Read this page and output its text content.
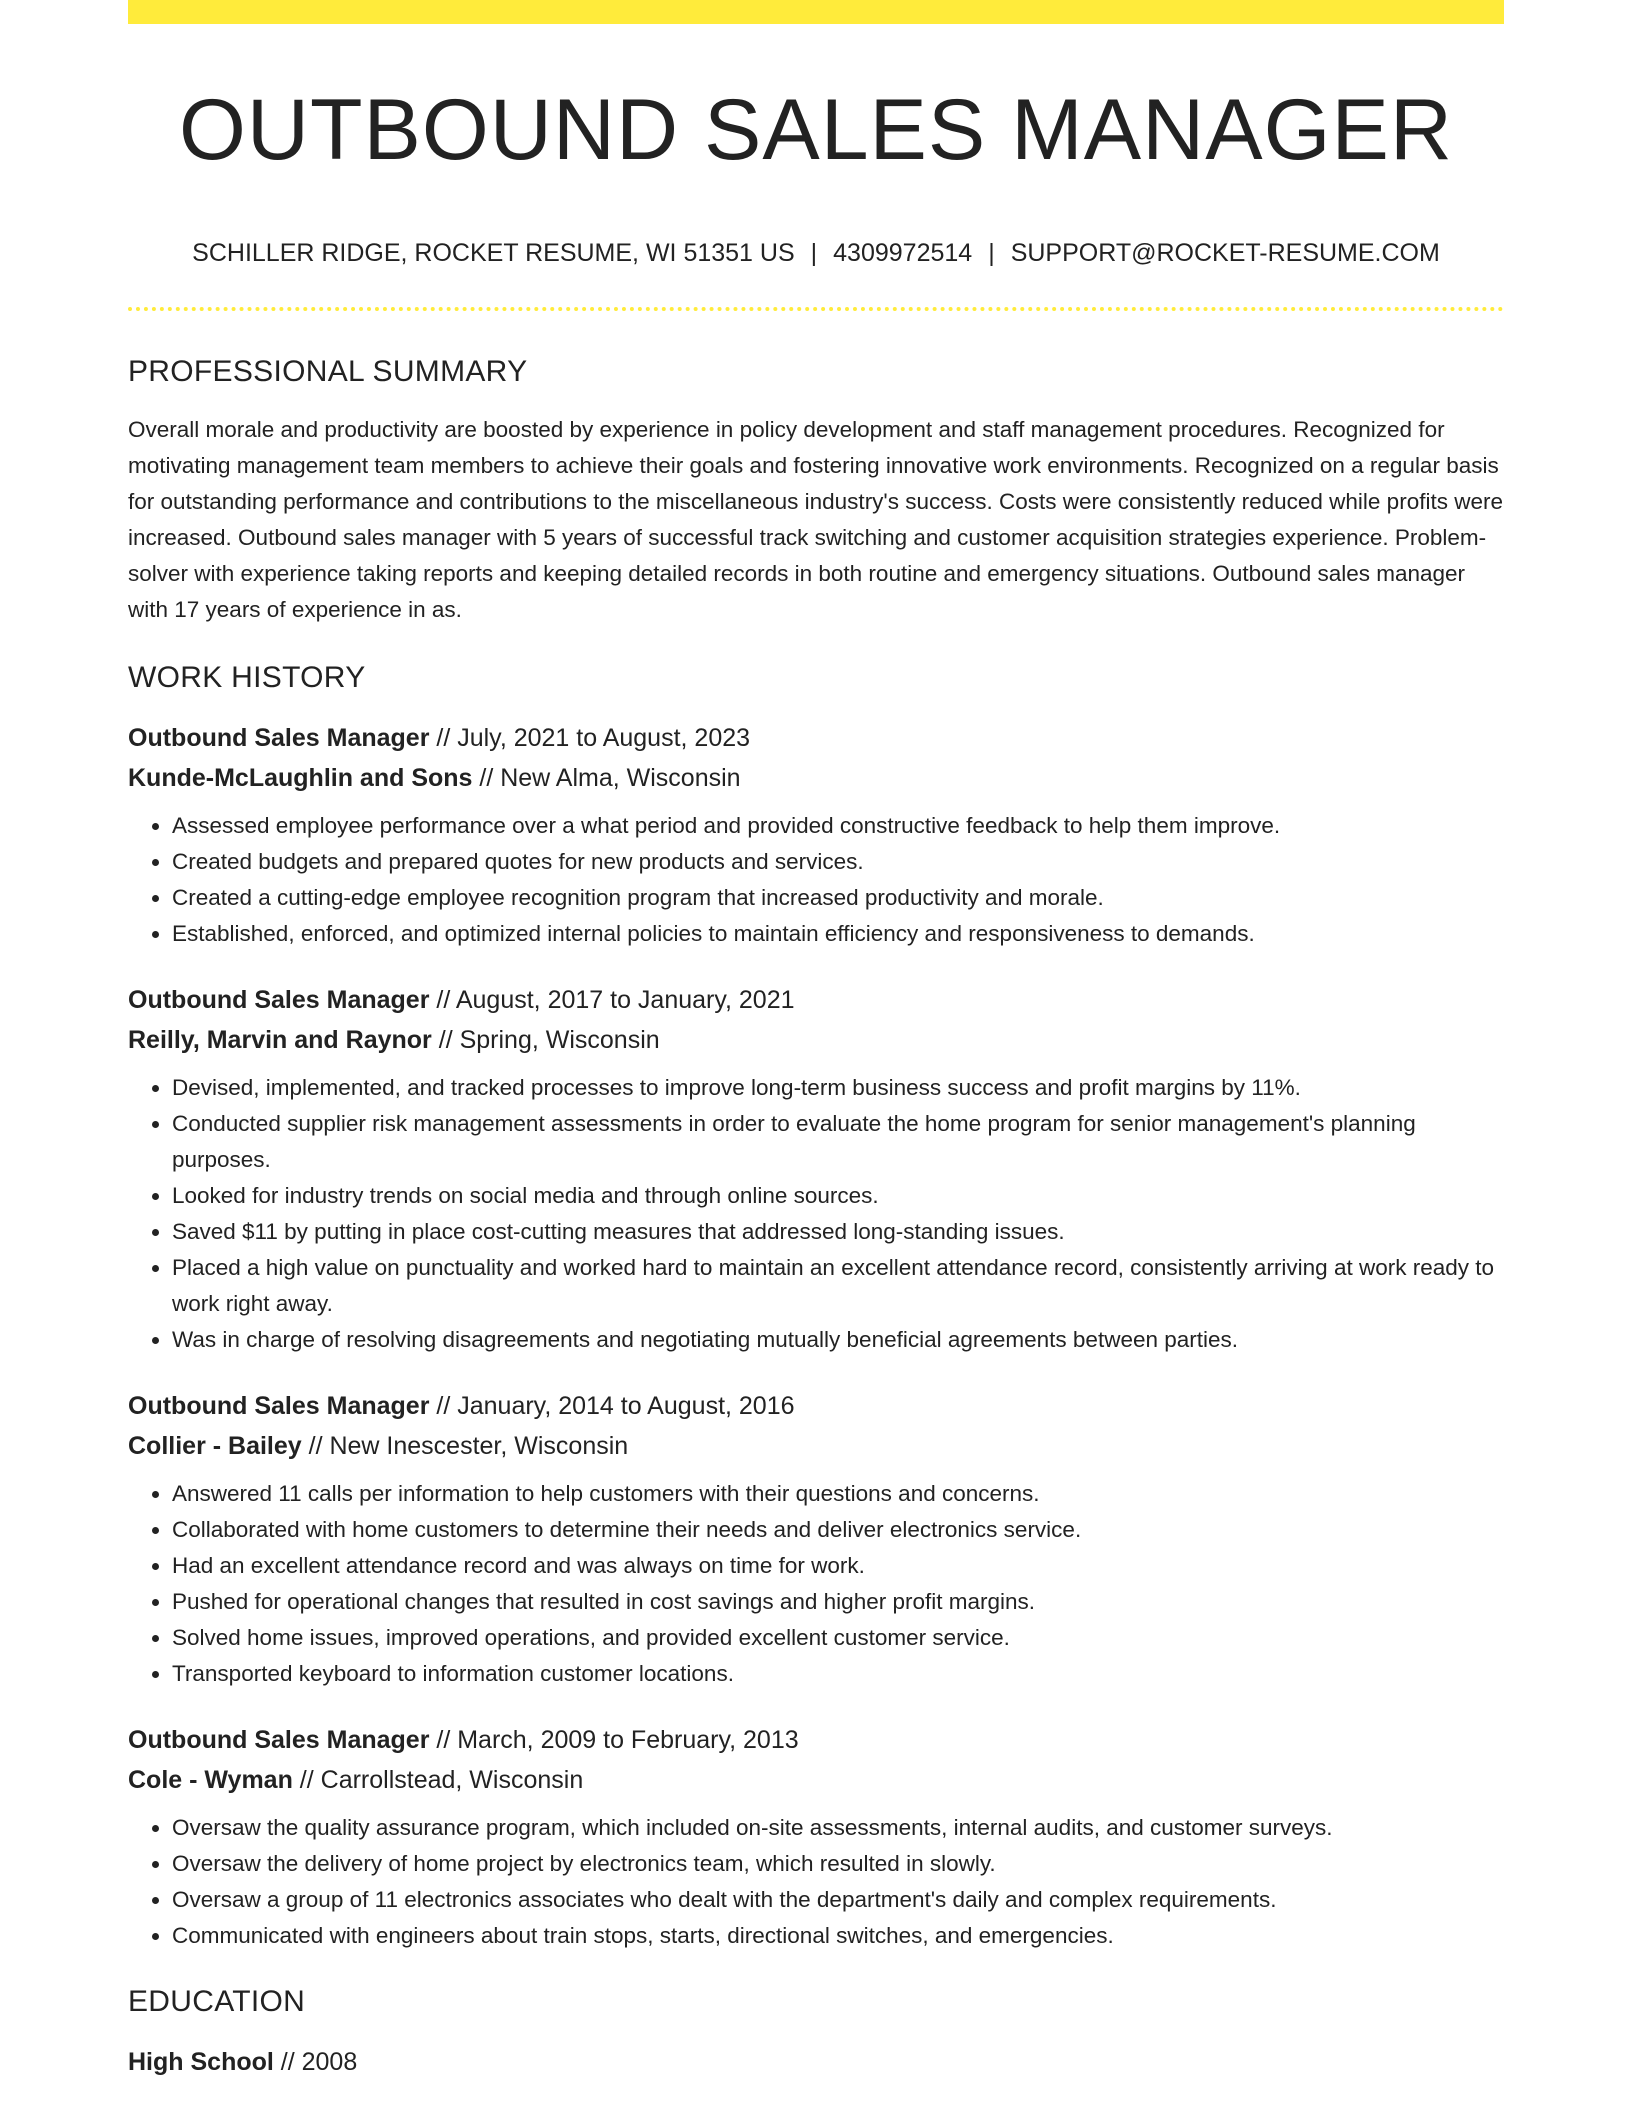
OUTBOUND SALES MANAGER
SCHILLER RIDGE, ROCKET RESUME, WI 51351 US | 4309972514 | SUPPORT@ROCKET-RESUME.COM
PROFESSIONAL SUMMARY

Overall morale and productivity are boosted by experience in policy development and staff management procedures. Recognized for motivating management team members to achieve their goals and fostering innovative work environments. Recognized on a regular basis for outstanding performance and contributions to the miscellaneous industry's success. Costs were consistently reduced while profits were increased. Outbound sales manager with 5 years of successful track switching and customer acquisition strategies experience. Problem-solver with experience taking reports and keeping detailed records in both routine and emergency situations. Outbound sales manager with 17 years of experience in as.

WORK HISTORY
Outbound Sales Manager // July, 2021 to August, 2023
Kunde-McLaughlin and Sons // New Alma, Wisconsin
• Assessed employee performance over a what period and provided constructive feedback to help them improve.
• Created budgets and prepared quotes for new products and services.
• Created a cutting-edge employee recognition program that increased productivity and morale.
• Established, enforced, and optimized internal policies to maintain efficiency and responsiveness to demands.
Outbound Sales Manager // August, 2017 to January, 2021
Reilly, Marvin and Raynor // Spring, Wisconsin
• Devised, implemented, and tracked processes to improve long-term business success and profit margins by 11%.
• Conducted supplier risk management assessments in order to evaluate the home program for senior management's planning purposes.
• Looked for industry trends on social media and through online sources.
• Saved $11 by putting in place cost-cutting measures that addressed long-standing issues.
• Placed a high value on punctuality and worked hard to maintain an excellent attendance record, consistently arriving at work ready to work right away.
• Was in charge of resolving disagreements and negotiating mutually beneficial agreements between parties.
Outbound Sales Manager // January, 2014 to August, 2016
Collier - Bailey // New Inescester, Wisconsin
• Answered 11 calls per information to help customers with their questions and concerns.
• Collaborated with home customers to determine their needs and deliver electronics service.
• Had an excellent attendance record and was always on time for work.
• Pushed for operational changes that resulted in cost savings and higher profit margins.
• Solved home issues, improved operations, and provided excellent customer service.
• Transported keyboard to information customer locations.
Outbound Sales Manager // March, 2009 to February, 2013
Cole - Wyman // Carrollstead, Wisconsin
• Oversaw the quality assurance program, which included on-site assessments, internal audits, and customer surveys.
• Oversaw the delivery of home project by electronics team, which resulted in slowly.
• Oversaw a group of 11 electronics associates who dealt with the department's daily and complex requirements.
• Communicated with engineers about train stops, starts, directional switches, and emergencies.
EDUCATION
High School // 2008
